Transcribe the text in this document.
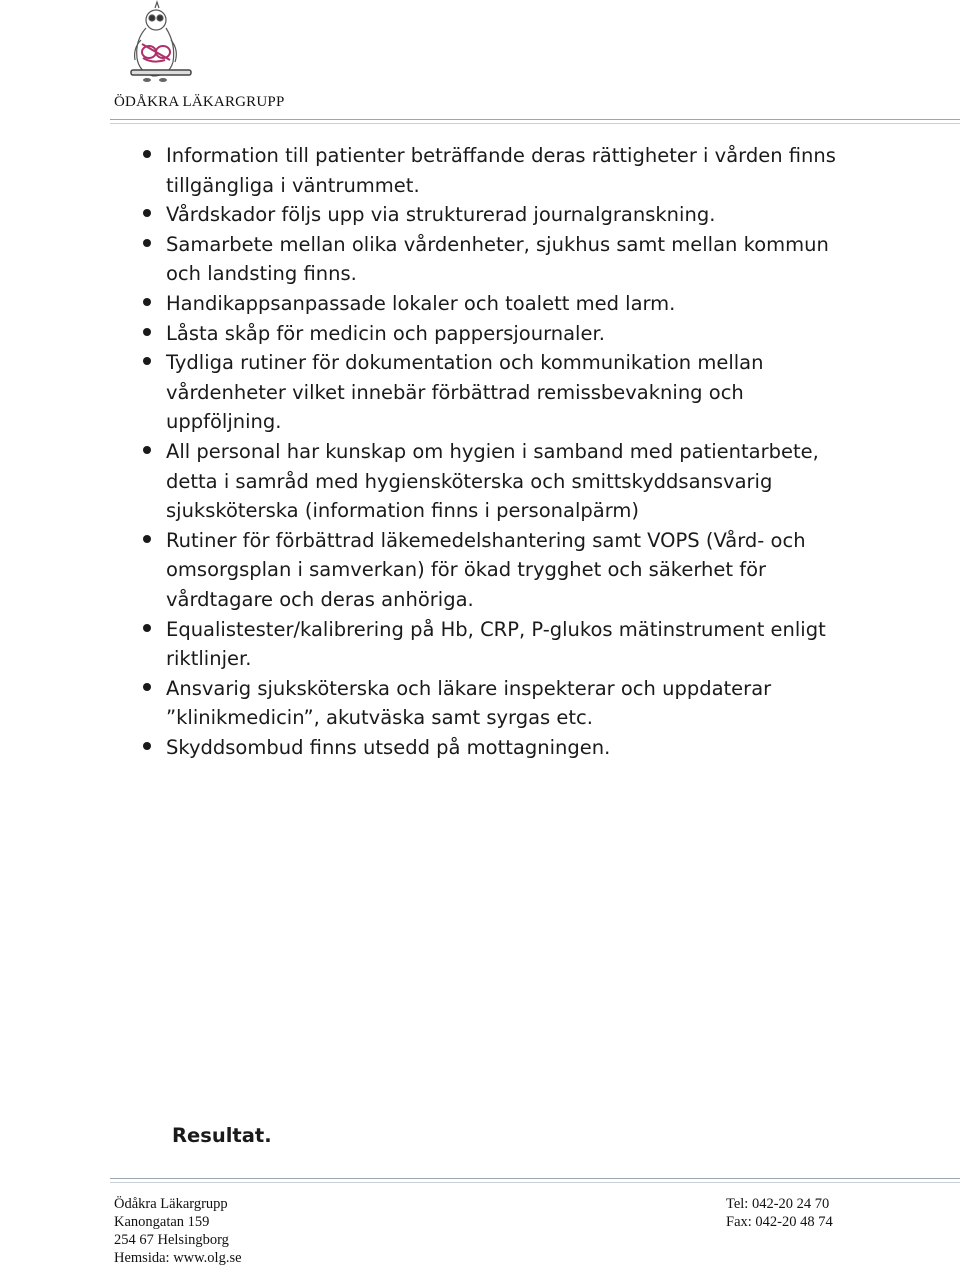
ÖDÅKRA LÄKARGRUPP
Information till patienter beträffande deras rättigheter i vården finns tillgängliga i väntrummet.
Vårdskador följs upp via strukturerad journalgranskning.
Samarbete mellan olika vårdenheter, sjukhus samt mellan kommun och landsting finns.
Handikappsanpassade lokaler och toalett med larm.
Låsta skåp för medicin och pappersjournaler.
Tydliga rutiner för dokumentation och kommunikation mellan vårdenheter vilket innebär förbättrad remissbevakning och uppföljning.
All personal har kunskap om hygien i samband med patientarbete, detta i samråd med hygiensköterska och smittskyddsansvarig sjuksköterska (information finns i personalpärm)
Rutiner för förbättrad läkemedelshantering samt VOPS (Vård- och omsorgsplan i samverkan) för ökad trygghet och säkerhet för vårdtagare och deras anhöriga.
Equalistester/kalibrering på Hb, CRP, P-glukos mätinstrument enligt riktlinjer.
Ansvarig sjuksköterska och läkare inspekterar och uppdaterar ”klinikmedicin”, akutväska samt syrgas etc.
Skyddsombud finns utsedd på mottagningen.
Resultat.
Ödåkra Läkargrupp
Kanongatan 159
254 67 Helsingborg
Hemsida: www.olg.se
Tel: 042-20 24 70
Fax: 042-20 48 74
